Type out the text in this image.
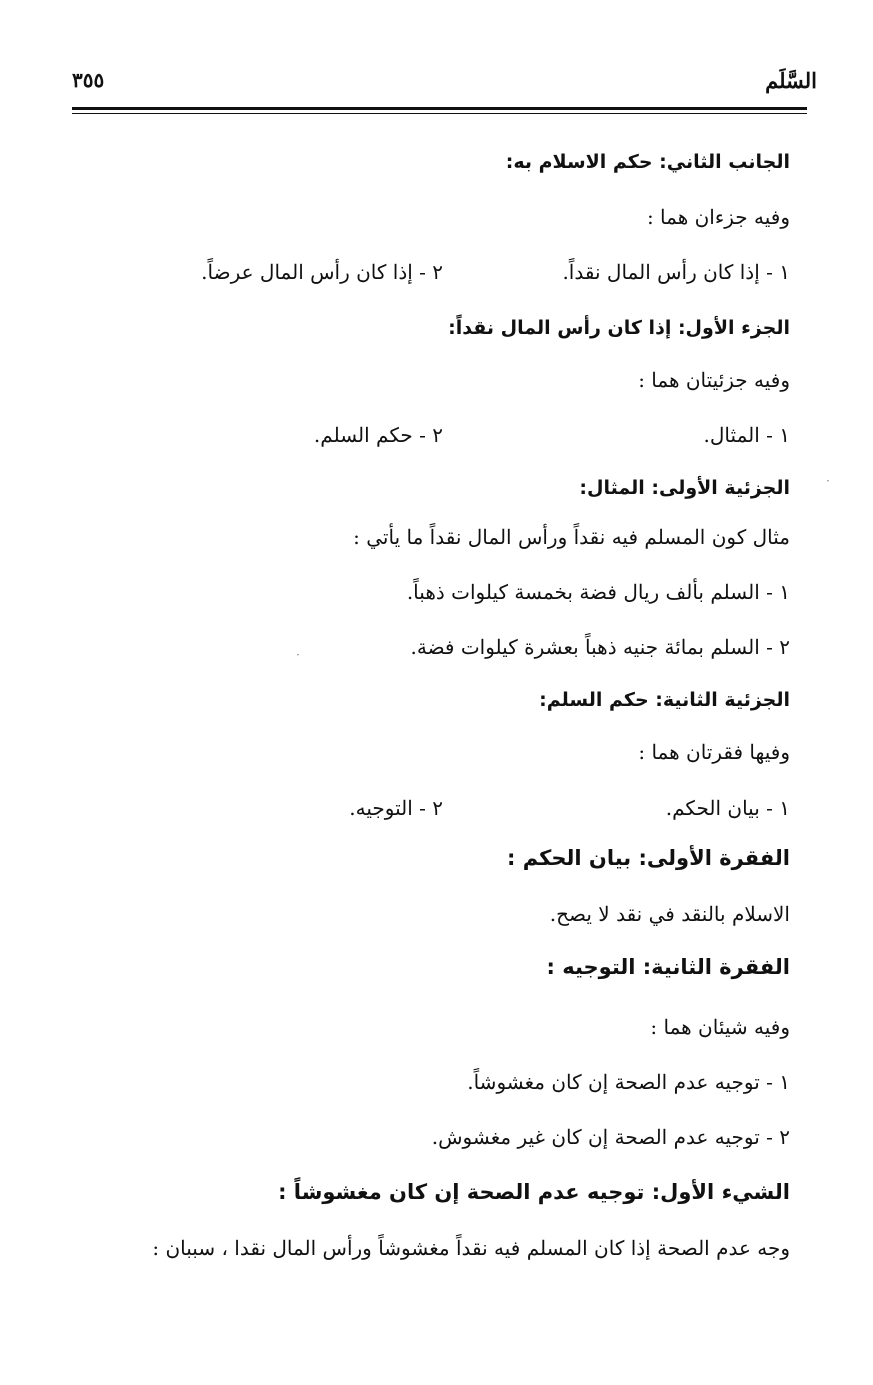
السَّلَم
٣٥٥
الجانب الثاني: حكم الاسلام به:
وفيه جزءان هما :
١ - إذا كان رأس المال نقداً.
٢ - إذا كان رأس المال عرضاً.
الجزء الأول: إذا كان رأس المال نقداً:
وفيه جزئيتان هما :
١ - المثال.
٢ - حكم السلم.
الجزئية الأولى: المثال:
مثال كون المسلم فيه نقداً ورأس المال نقداً ما يأتي :
١ - السلم بألف ريال فضة بخمسة كيلوات ذهباً.
٢ - السلم بمائة جنيه ذهباً بعشرة كيلوات فضة.
الجزئية الثانية: حكم السلم:
وفيها فقرتان هما :
١ - بيان الحكم.
٢ - التوجيه.
الفقرة الأولى: بيان الحكم :
الاسلام بالنقد في نقد لا يصح.
الفقرة الثانية: التوجيه :
وفيه شيئان هما :
١ - توجيه عدم الصحة إن كان مغشوشاً.
٢ - توجيه عدم الصحة إن كان غير مغشوش.
الشيء الأول: توجيه عدم الصحة إن كان مغشوشاً :
وجه عدم الصحة إذا كان المسلم فيه نقداً مغشوشاً ورأس المال نقدا ، سببان :
·
·
